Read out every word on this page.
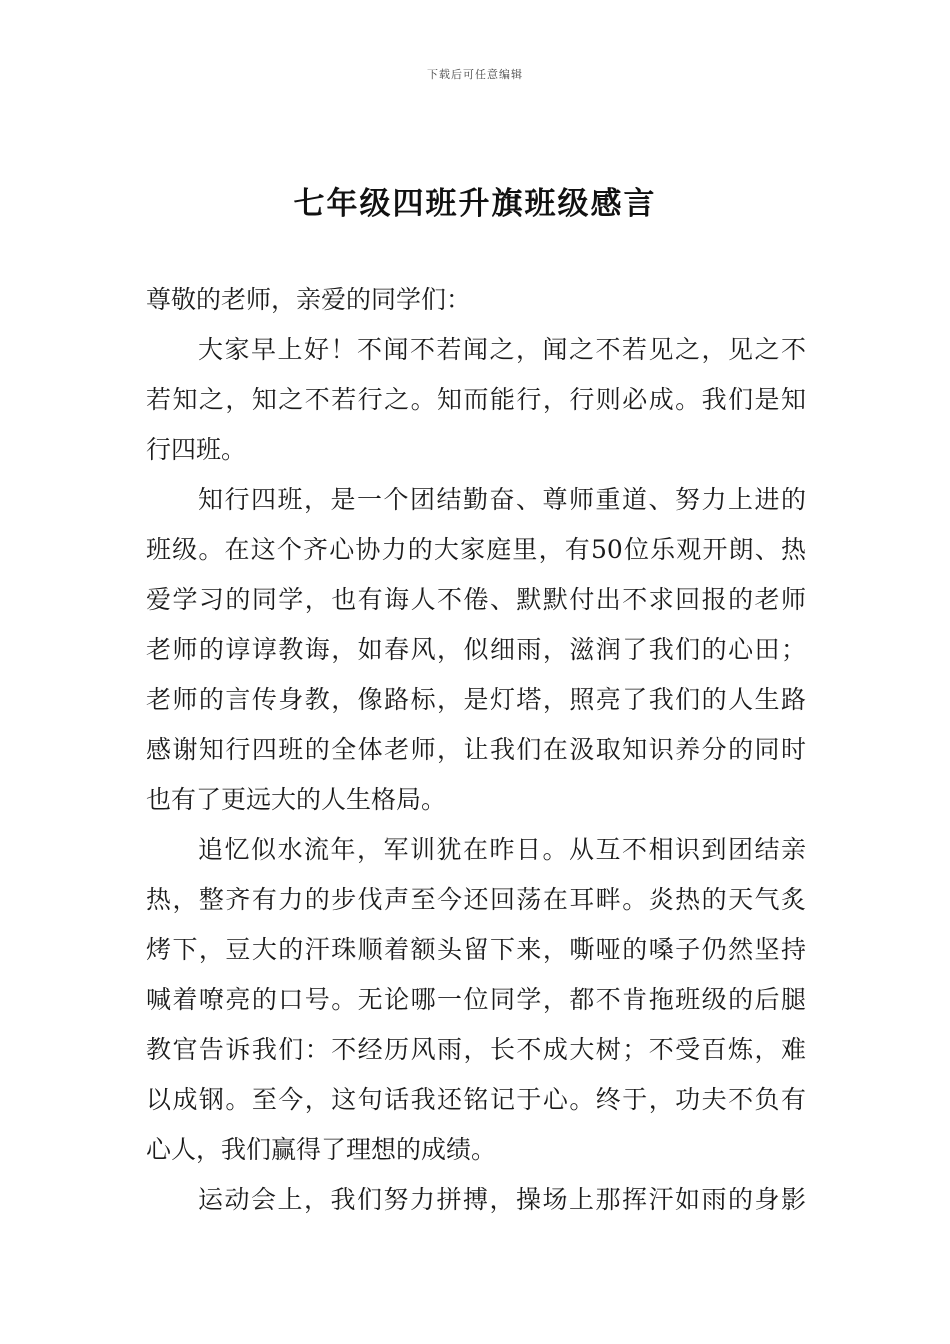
下载后可任意编辑
七年级四班升旗班级感言
尊敬的老师，亲爱的同学们：
大家早上好！不闻不若闻之，闻之不若见之，见之不
若知之，知之不若行之。知而能行，行则必成。我们是知
行四班。
知行四班，是一个团结勤奋、尊师重道、努力上进的
班级。在这个齐心协力的大家庭里，有50位乐观开朗、热
爱学习的同学，也有诲人不倦、默默付出不求回报的老师
老师的谆谆教诲，如春风，似细雨，滋润了我们的心田；
老师的言传身教，像路标，是灯塔，照亮了我们的人生路
感谢知行四班的全体老师，让我们在汲取知识养分的同时
也有了更远大的人生格局。
追忆似水流年，军训犹在昨日。从互不相识到团结亲
热，整齐有力的步伐声至今还回荡在耳畔。炎热的天气炙
烤下，豆大的汗珠顺着额头留下来，嘶哑的嗓子仍然坚持
喊着嘹亮的口号。无论哪一位同学，都不肯拖班级的后腿
教官告诉我们：不经历风雨，长不成大树；不受百炼，难
以成钢。至今，这句话我还铭记于心。终于，功夫不负有
心人，我们赢得了理想的成绩。
运动会上，我们努力拼搏，操场上那挥汗如雨的身影
